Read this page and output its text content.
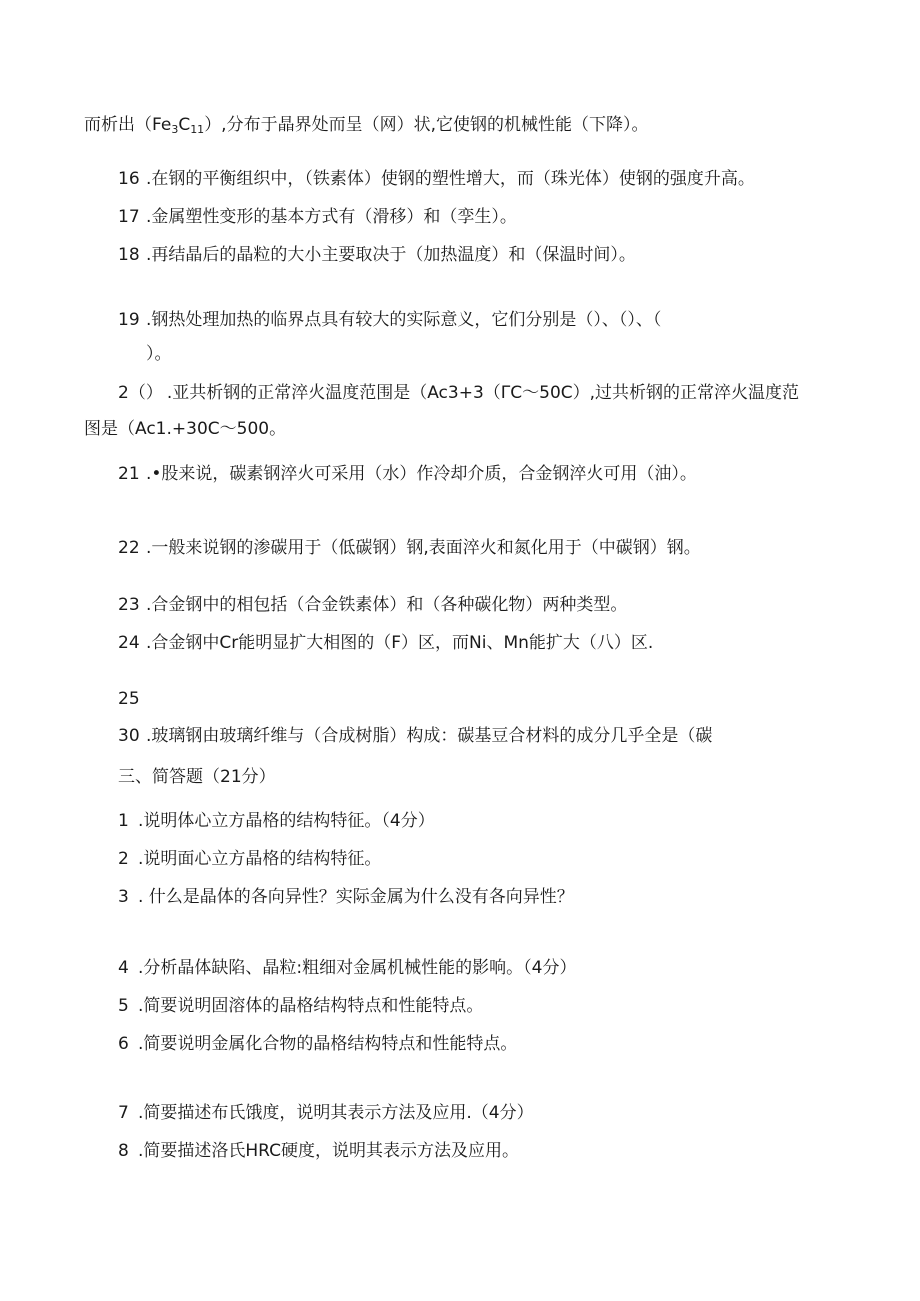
而析出$(Fe_3C_{11})$,分布于晶界处而呈（网）状,它使钢的机械性能（下降）。
16 .在钢的平衡组织中，（铁素体）使钢的塑性增大，而（珠光体）使钢的强度升高。
17 .金属塑性变形的基本方式有（滑移）和（孪生）。
18 .再结晶后的晶粒的大小主要取决于（加热温度）和（保温时间）。
19 .钢热处理加热的临界点具有较大的实际意义，它们分别是（）、（）、（
）。
2（） .亚共析钢的正常淬火温度范围是（Ac3+3（ΓC～50C）,过共析钢的正常淬火温度范
图是（Ac1.+30C～500。
21 .•股来说，碳素钢淬火可采用（水）作冷却介质，合金钢淬火可用（油）。
22 .一般来说钢的渗碳用于（低碳钢）钢,表面淬火和氮化用于（中碳钢）钢。
23 .合金钢中的相包括（合金铁素体）和（各种碳化物）两种类型。
24 .合金钢中Cr能明显扩大相图的（F）区，而Ni、Mn能扩大（八）区.
25
30 .玻璃钢由玻璃纤维与（合成树脂）构成：碳基豆合材料的成分几乎全是（碳
三、简答题（21分）
1 .说明体心立方晶格的结构特征。（4分）
2 .说明面心立方晶格的结构特征。
3 . 什么是晶体的各向异性？实际金属为什么没有各向异性？
4 .分析晶体缺陷、晶粒:粗细对金属机械性能的影响。（4分）
5 .简要说明固溶体的晶格结构特点和性能特点。
6 .简要说明金属化合物的晶格结构特点和性能特点。
7 .简要描述布氏饿度，说明其表示方法及应用.（4分）
8 .简要描述洛氏HRC硬度，说明其表示方法及应用。
